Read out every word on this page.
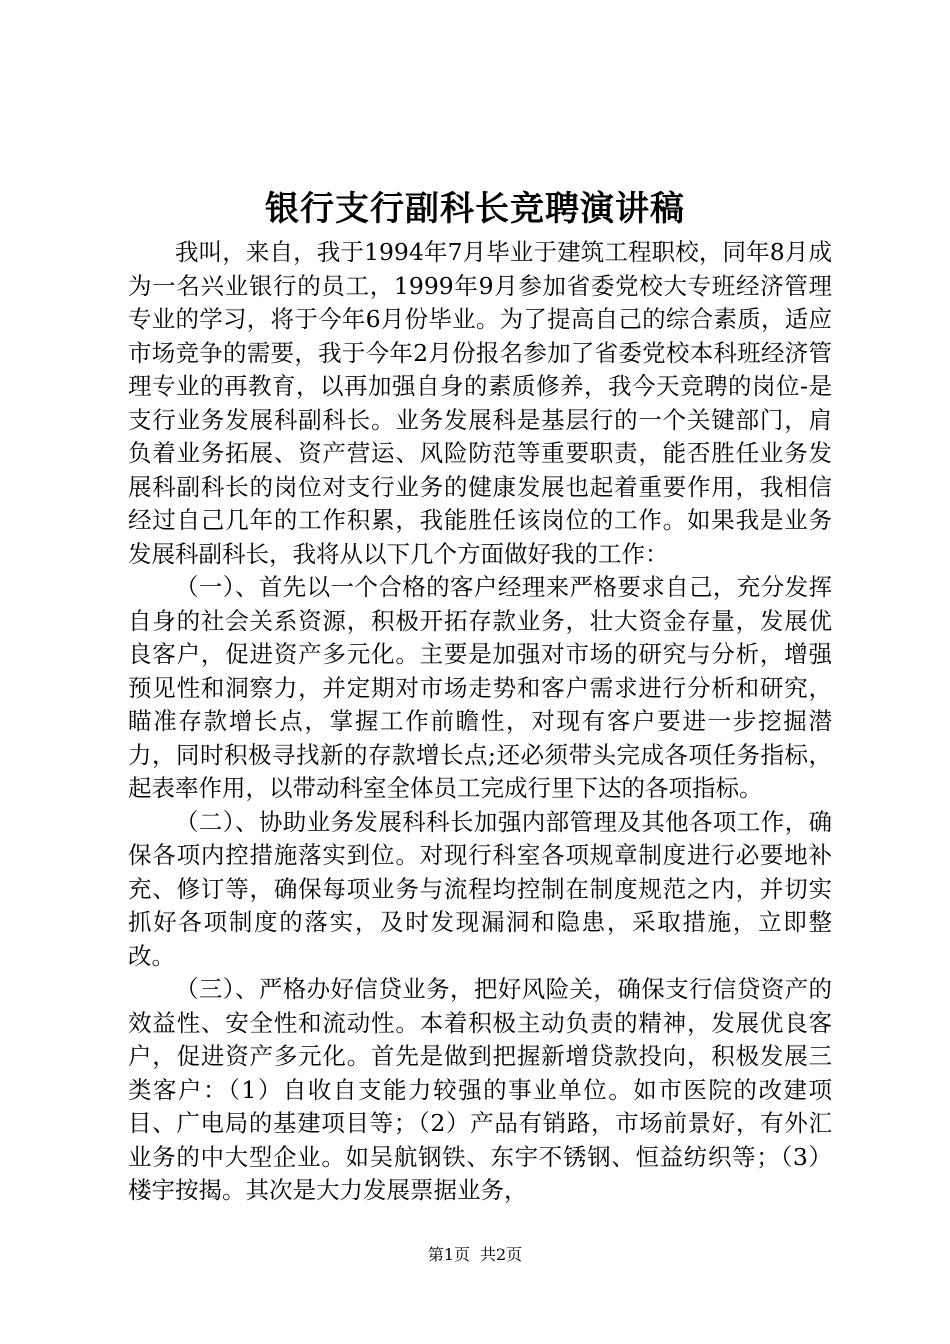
银行支行副科长竞聘演讲稿

我叫，来自，我于1994年7月毕业于建筑工程职校，同年8月成为一名兴业银行的员工，1999年9月参加省委党校大专班经济管理专业的学习，将于今年6月份毕业。为了提高自己的综合素质，适应市场竞争的需要，我于今年2月份报名参加了省委党校本科班经济管理专业的再教育，以再加强自身的素质修养，我今天竞聘的岗位-是支行业务发展科副科长。业务发展科是基层行的一个关键部门，肩负着业务拓展、资产营运、风险防范等重要职责，能否胜任业务发展科副科长的岗位对支行业务的健康发展也起着重要作用，我相信经过自己几年的工作积累，我能胜任该岗位的工作。如果我是业务发展科副科长，我将从以下几个方面做好我的工作：

（一）、首先以一个合格的客户经理来严格要求自己，充分发挥自身的社会关系资源，积极开拓存款业务，壮大资金存量，发展优良客户，促进资产多元化。主要是加强对市场的研究与分析，增强预见性和洞察力，并定期对市场走势和客户需求进行分析和研究，瞄准存款增长点，掌握工作前瞻性，对现有客户要进一步挖掘潜力，同时积极寻找新的存款增长点;还必须带头完成各项任务指标，起表率作用，以带动科室全体员工完成行里下达的各项指标。

（二）、协助业务发展科科长加强内部管理及其他各项工作，确保各项内控措施落实到位。对现行科室各项规章制度进行必要地补充、修订等，确保每项业务与流程均控制在制度规范之内，并切实抓好各项制度的落实，及时发现漏洞和隐患，采取措施，立即整改。

（三）、严格办好信贷业务，把好风险关，确保支行信贷资产的效益性、安全性和流动性。本着积极主动负责的精神，发展优良客户，促进资产多元化。首先是做到把握新增贷款投向，积极发展三类客户：（1）自收自支能力较强的事业单位。如市医院的改建项目、广电局的基建项目等；（2）产品有销路，市场前景好，有外汇业务的中大型企业。如吴航钢铁、东宇不锈钢、恒益纺织等；（3）楼宇按揭。其次是大力发展票据业务，

第1页 共2页
